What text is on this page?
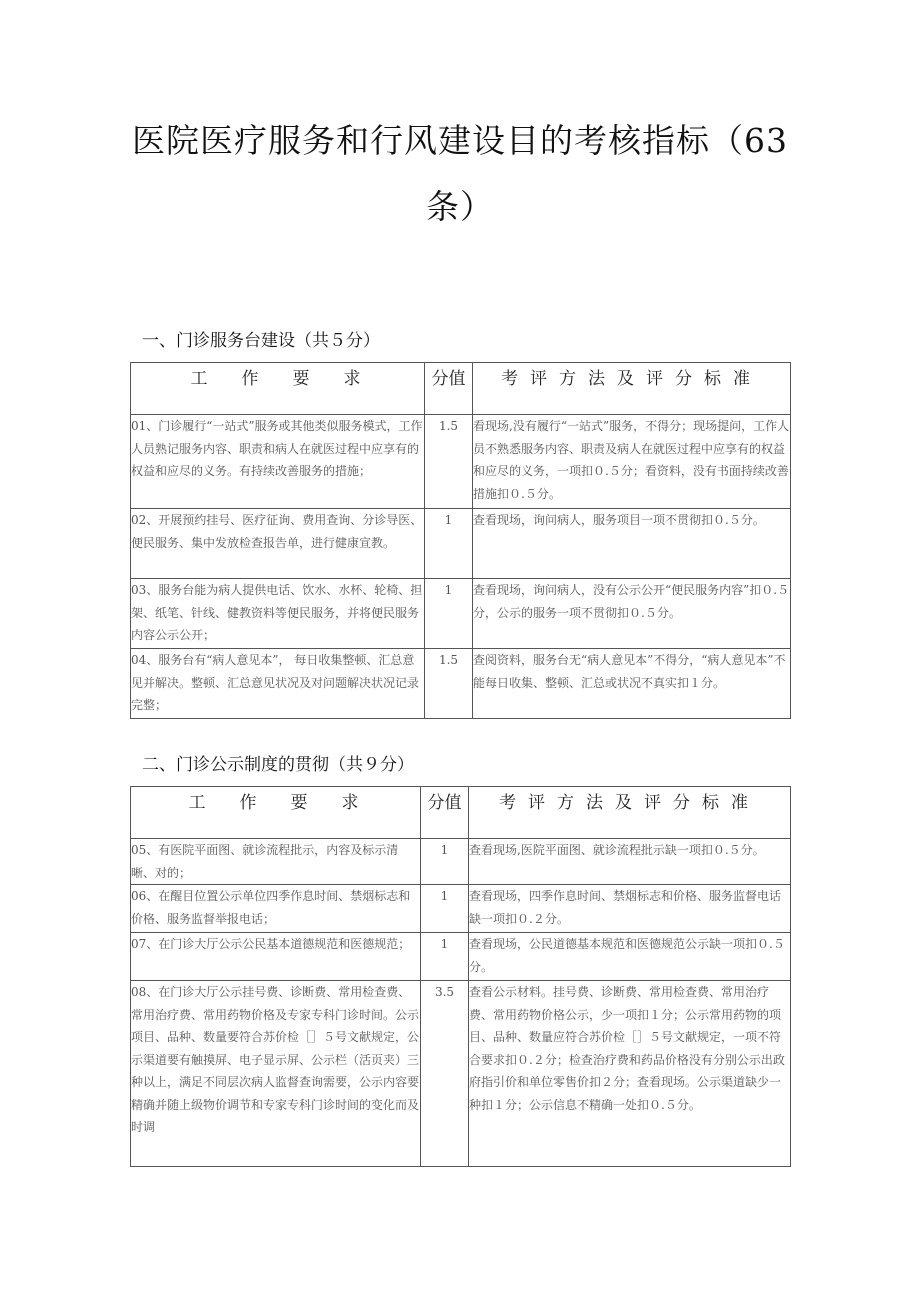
医院医疗服务和行风建设目的考核指标（63条）
一、门诊服务台建设（共５分）
工作要求	分值	考评方法及评分标准
01、门诊履行“一站式”服务或其他类似服务模式，工作人员熟记服务内容、职责和病人在就医过程中应享有的权益和应尽的义务。有持续改善服务的措施；	1.5	看现场,没有履行“一站式”服务，不得分；现场提问，工作人员不熟悉服务内容、职责及病人在就医过程中应享有的权益和应尽的义务，一项扣０.５分；看资料，没有书面持续改善措施扣０.５分。
02、开展预约挂号、医疗征询、费用查询、分诊导医、便民服务、集中发放检查报告单，进行健康宣教。	1	查看现场，询问病人，服务项目一项不贯彻扣０.５分。
03、服务台能为病人提供电话、饮水、水杯、轮椅、担架、纸笔、针线、健教资料等便民服务，并将便民服务内容公示公开；	1	查看现场，询问病人，没有公示公开“便民服务内容”扣０.５分，公示的服务一项不贯彻扣０.５分。
04、服务台有“病人意见本”， 每日收集整顿、汇总意见并解决。整顿、汇总意见状况及对问题解决状况记录完整；	1.5	查阅资料，服务台无“病人意见本”不得分，“病人意见本”不能每日收集、整顿、汇总或状况不真实扣１分。
二、门诊公示制度的贯彻（共９分）
工作要求	分值	考评方法及评分标准
05、有医院平面图、就诊流程批示，内容及标示清晰、对的；	1	查看现场,医院平面图、就诊流程批示缺一项扣０.５分。
06、在醒目位置公示单位四季作息时间、禁烟标志和价格、服务监督举报电话；	1	查看现场，四季作息时间、禁烟标志和价格、服务监督电话缺一项扣０.２分。
07、在门诊大厅公示公民基本道德规范和医德规范；	1	查看现场，公民道德基本规范和医德规范公示缺一项扣０.５分。
08、在门诊大厅公示挂号费、诊断费、常用检查费、常用治疗费、常用药物价格及专家专科门诊时间。公示项目、品种、数量要符合苏价检［］５号文献规定，公示渠道要有触摸屏、电子显示屏、公示栏（活页夹）三种以上，满足不同层次病人监督查询需要，公示内容要精确并随上级物价调节和专家专科门诊时间的变化而及时调	3.5	查看公示材料。挂号费、诊断费、常用检查费、常用治疗费、常用药物价格公示，少一项扣１分；公示常用药物的项目、品种、数量应符合苏价检［］５号文献规定，一项不符合要求扣０.２分；检查治疗费和药品价格没有分别公示出政府指引价和单位零售价扣２分；查看现场。公示渠道缺少一种扣１分；公示信息不精确一处扣０.５分。
